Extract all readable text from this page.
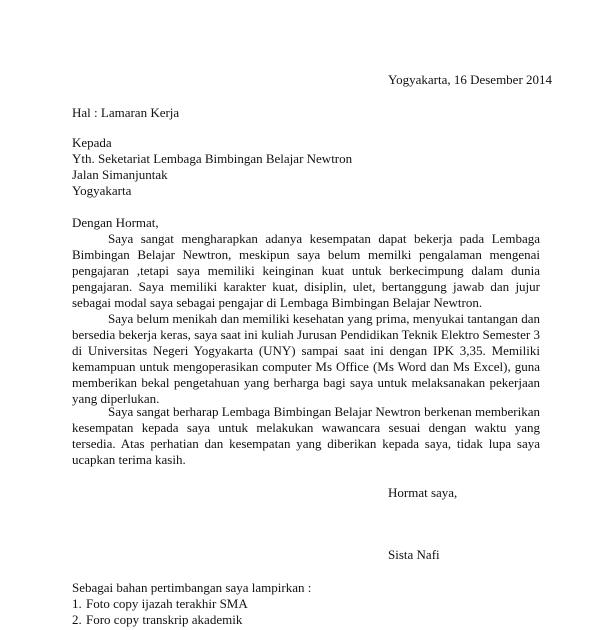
Yogyakarta, 16 Desember 2014
Hal : Lamaran Kerja
Kepada
Yth. Seketariat Lembaga Bimbingan Belajar Newtron
Jalan Simanjuntak
Yogyakarta
Dengan Hormat,

Saya sangat mengharapkan adanya kesempatan dapat bekerja pada Lembaga Bimbingan Belajar Newtron, meskipun saya belum memilki pengalaman mengenai pengajaran ,tetapi saya memiliki keinginan kuat untuk berkecimpung dalam dunia pengajaran. Saya memiliki karakter kuat, disiplin, ulet, bertanggung jawab dan jujur sebagai modal saya sebagai pengajar di Lembaga Bimbingan Belajar Newtron.

Saya belum menikah dan memiliki kesehatan yang prima, menyukai tantangan dan bersedia bekerja keras, saya saat ini kuliah Jurusan Pendidikan Teknik Elektro Semester 3 di Universitas Negeri Yogyakarta (UNY) sampai saat ini dengan IPK 3,35. Memiliki kemampuan untuk mengoperasikan computer Ms Office (Ms Word dan Ms Excel), guna memberikan bekal pengetahuan yang berharga bagi saya untuk melaksanakan pekerjaan yang diperlukan.

Saya sangat berharap Lembaga Bimbingan Belajar Newtron berkenan memberikan kesempatan kepada saya untuk melakukan wawancara sesuai dengan waktu yang tersedia. Atas perhatian dan kesempatan yang diberikan kepada saya, tidak lupa saya ucapkan terima kasih.

Hormat saya,
Sista Nafi
Sebagai bahan pertimbangan saya lampirkan :
1. Foto copy ijazah terakhir SMA
2. Foro copy transkrip akademik
